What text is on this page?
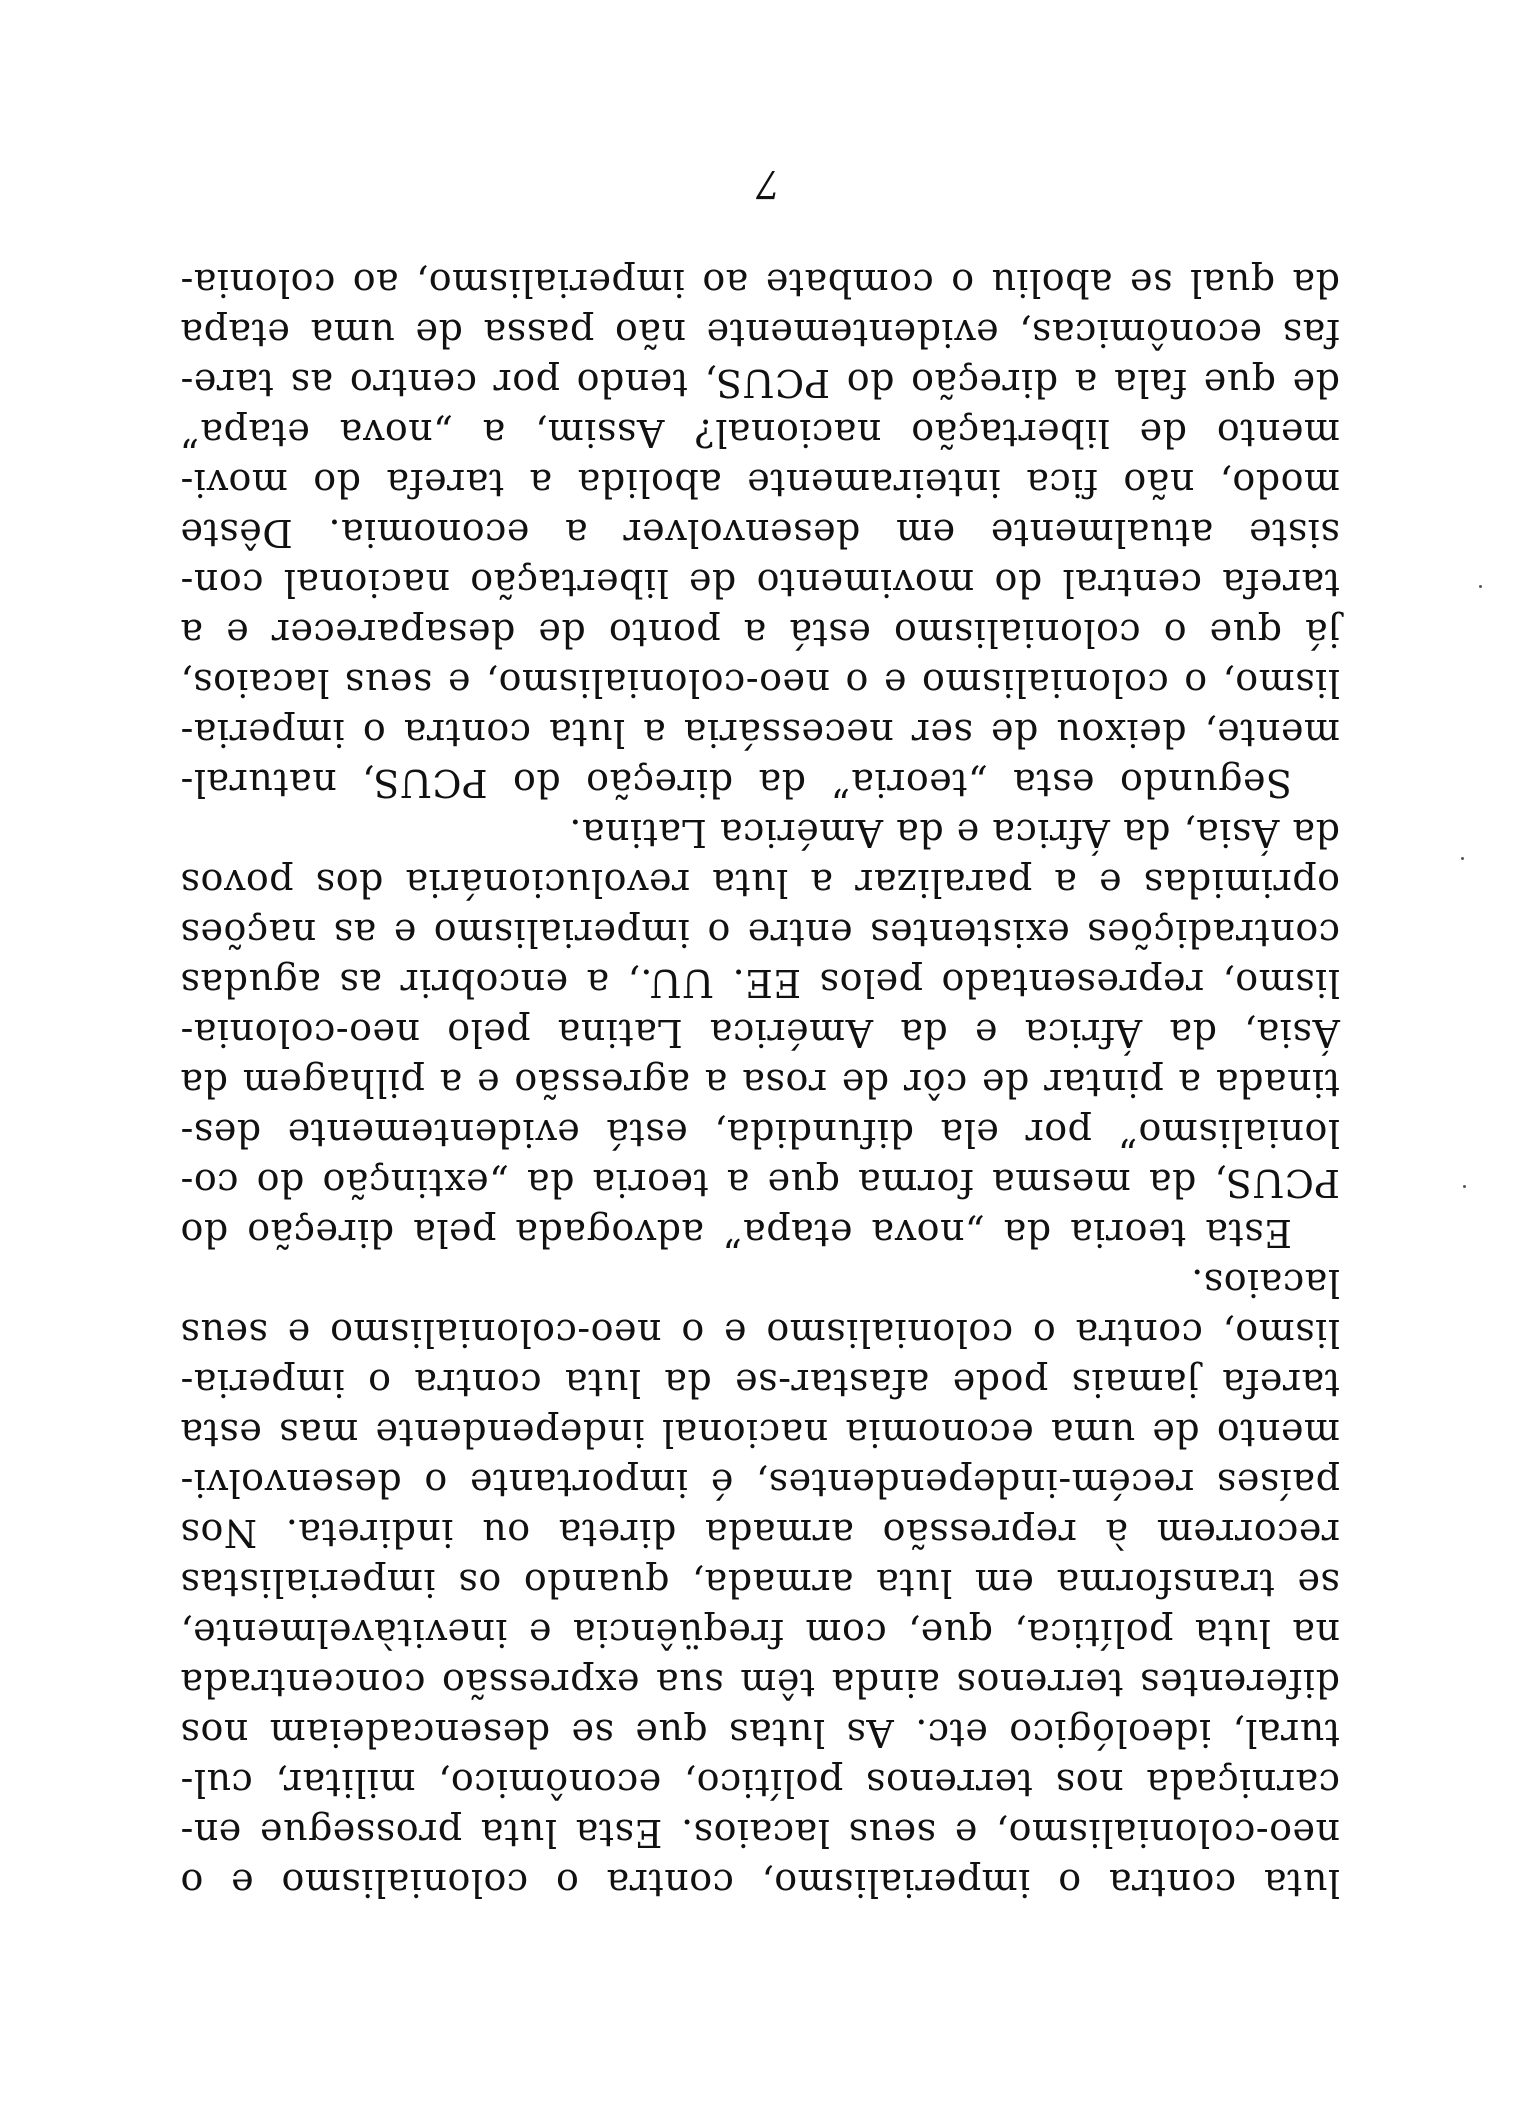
luta contra o imperialismo, contra o colonialismo e o
neo-colonialismo, e seus lacaios. Esta luta prossegue en-
carniçada nos terrenos político, econômico, militar, cul-
tural, ideológico etc. As lutas que se desencadeiam nos
diferentes terrenos ainda têm sua expressão concentrada
na luta política, que, com freqüência e inevitàvelmente,
se transforma em luta armada, quando os imperialistas
recorrem à repressão armada direta ou indireta. Nos
países recém-independentes, é importante o desenvolvi-
mento de uma economia nacional independente mas esta
tarefa jamais pode afastar-se da luta contra o imperia-
lismo, contra o colonialismo e o neo-colonialismo e seus
lacaios.
Esta teoria da „nova etapa” advogada pela direção do
PCUS, da mesma forma que a teoria da „extinção do co-
lonialismo” por ela difundida, está evidentemente des-
tinada a pintar de côr de rosa a agressão e a pilhagem da
Ásia, da África e da América Latina pelo neo-colonia-
lismo, representado pelos EE. UU., a encobrir as agudas
contradições existentes entre o imperialismo e as nações
oprimidas e a paralizar a luta revolucionária dos povos
da Ásia, da África e da América Latina.
Segundo esta „teoria” da direção do PCUS, natural-
mente, deixou de ser necessária a luta contra o imperia-
lismo, o colonialismo e o neo-colonialismo, e seus lacaios,
já que o colonialismo está a ponto de desaparecer e a
tarefa central do movimento de libertação nacional con-
siste atualmente em desenvolver a economia. Dêste
modo, não fica inteiramente abolida a tarefa do movi-
mento de libertação nacional? Assim, a „nova etapa”
de que fala a direção do PCUS, tendo por centro as tare-
fas econômicas, evidentemente não passa de uma etapa
da qual se aboliu o combate ao imperialismo, ao colonia-
7
